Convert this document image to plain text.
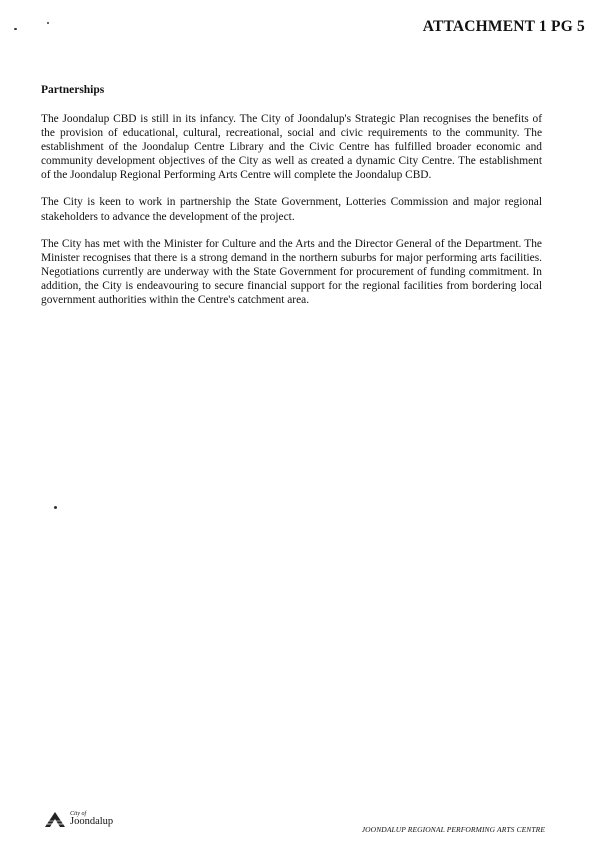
ATTACHMENT 1 PG 5
Partnerships

The Joondalup CBD is still in its infancy. The City of Joondalup's Strategic Plan recognises the benefits of the provision of educational, cultural, recreational, social and civic requirements to the community. The establishment of the Joondalup Centre Library and the Civic Centre has fulfilled broader economic and community development objectives of the City as well as created a dynamic City Centre. The establishment of the Joondalup Regional Performing Arts Centre will complete the Joondalup CBD.

The City is keen to work in partnership the State Government, Lotteries Commission and major regional stakeholders to advance the development of the project.

The City has met with the Minister for Culture and the Arts and the Director General of the Department. The Minister recognises that there is a strong demand in the northern suburbs for major performing arts facilities. Negotiations currently are underway with the State Government for procurement of funding commitment. In addition, the City is endeavouring to secure financial support for the regional facilities from bordering local government authorities within the Centre's catchment area.

City of
Joondalup
JOONDALUP REGIONAL PERFORMING ARTS CENTRE
